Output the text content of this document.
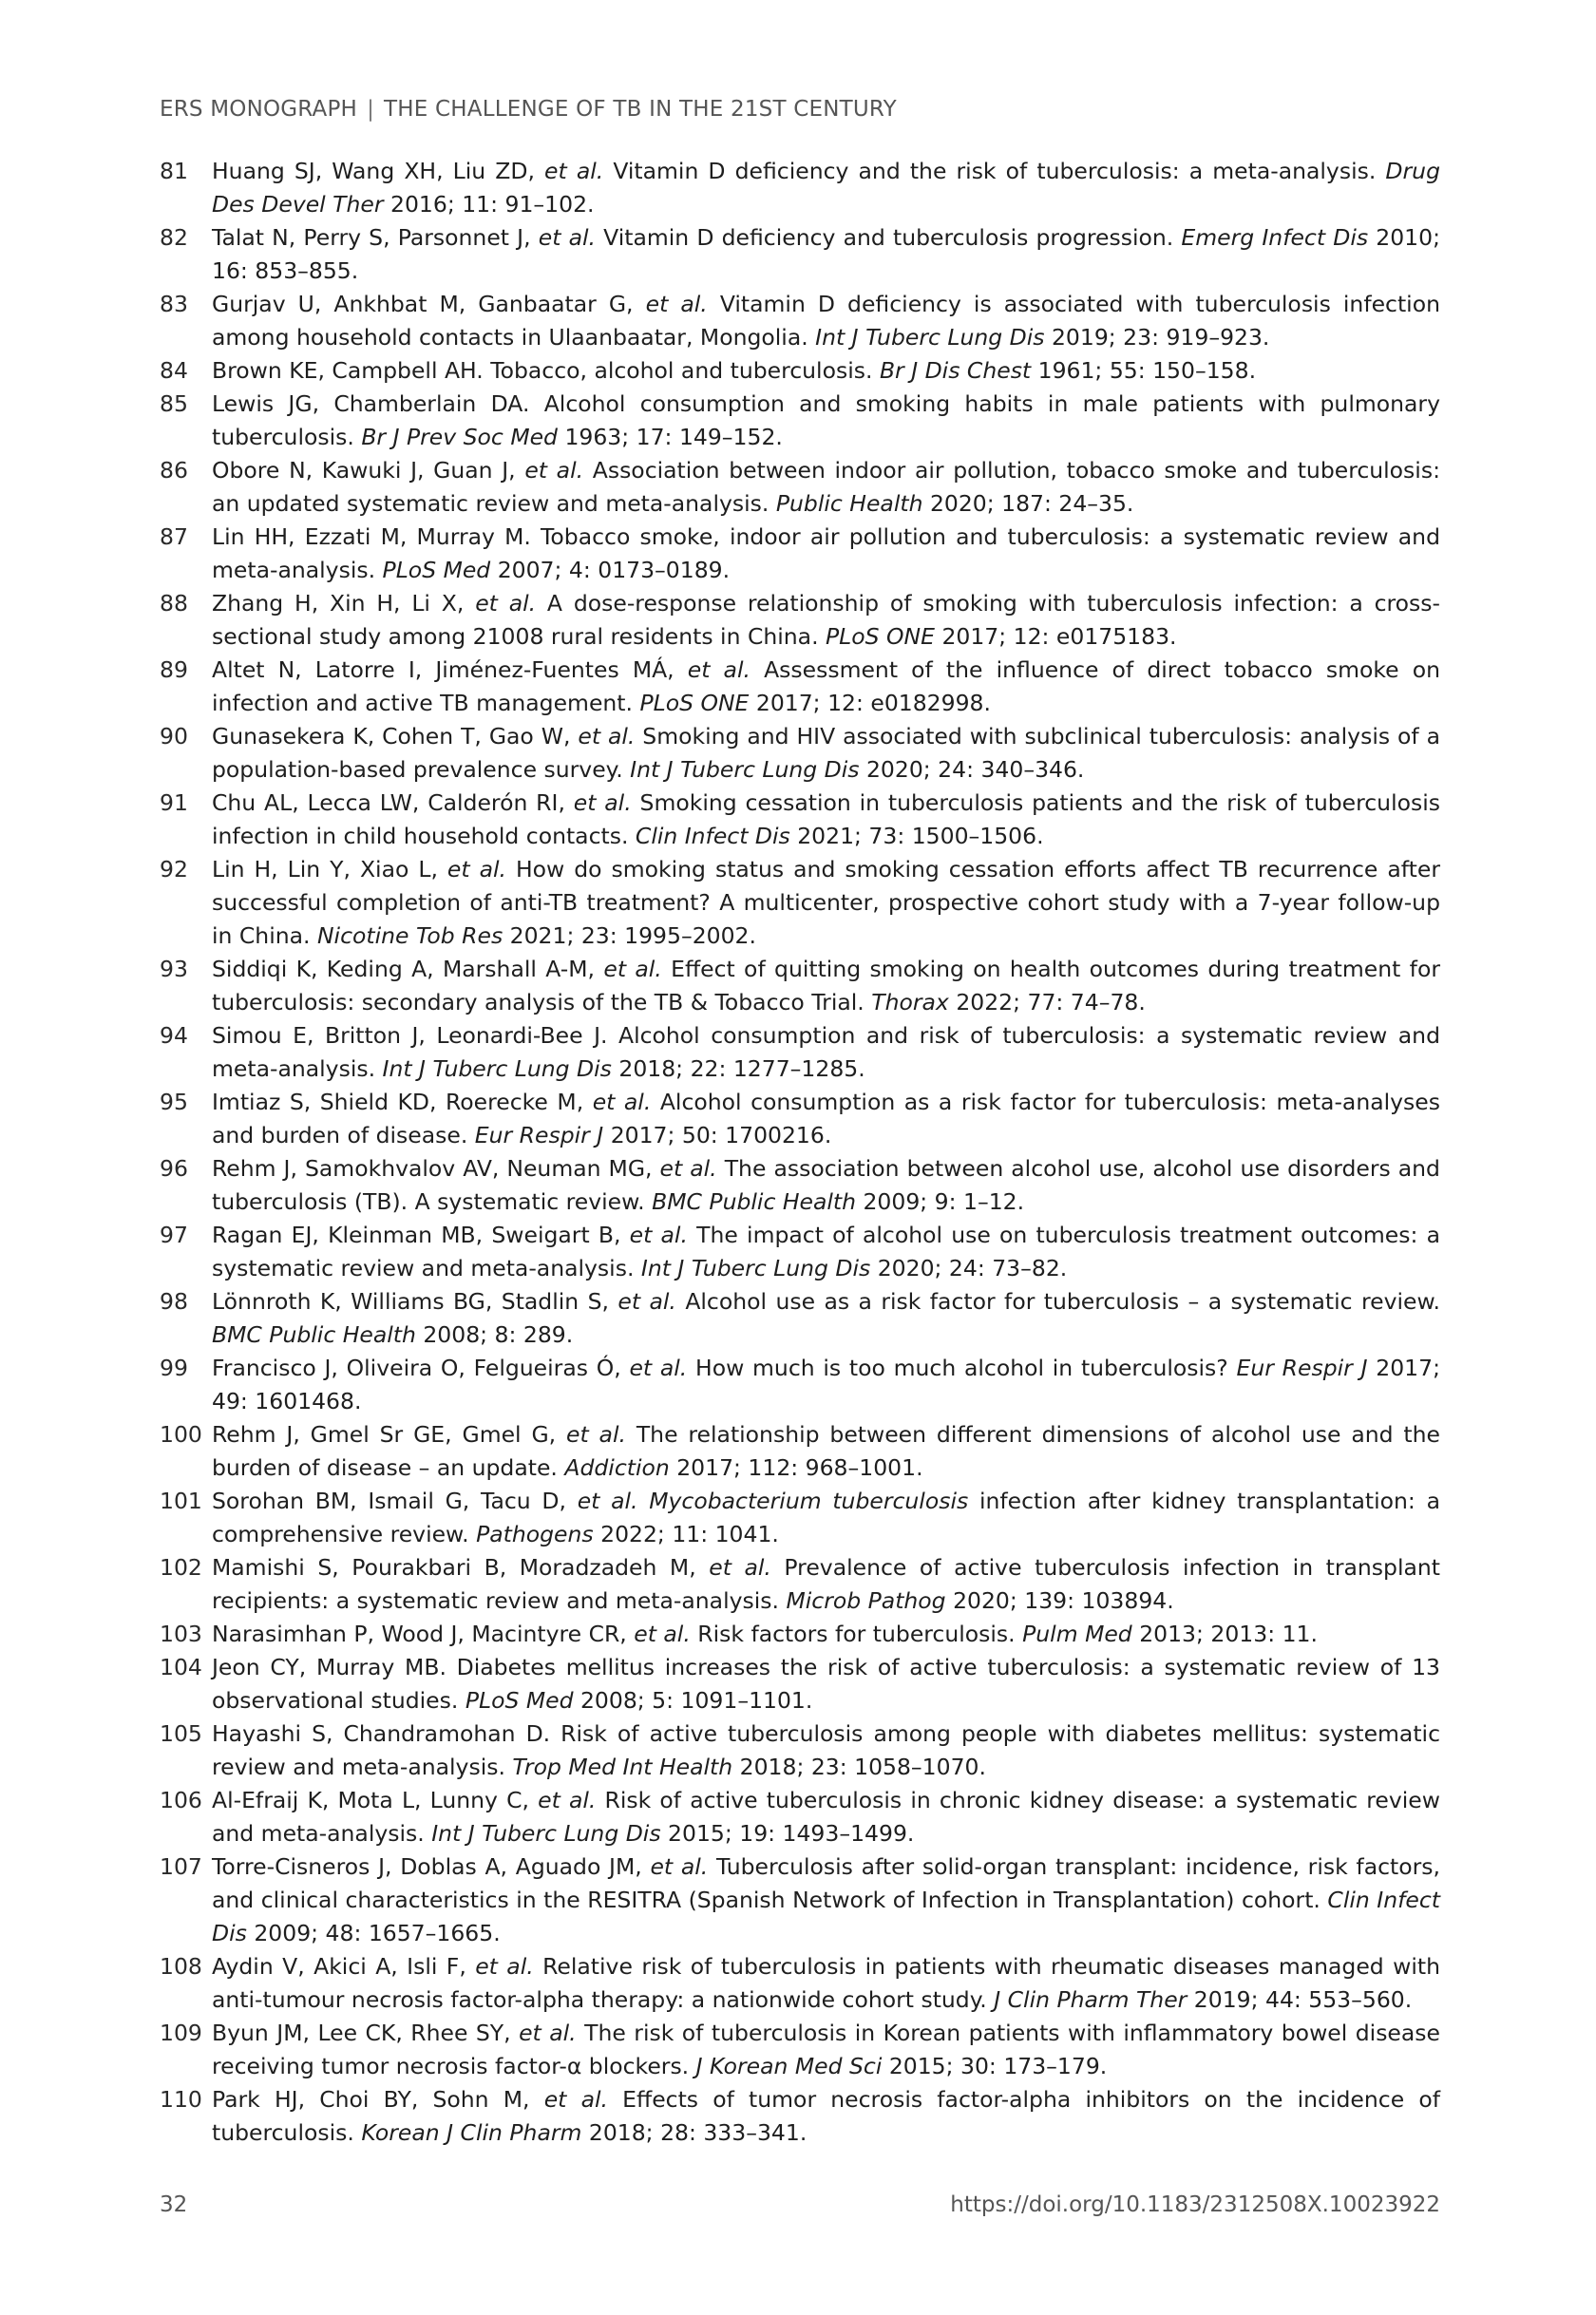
ERS MONOGRAPH | THE CHALLENGE OF TB IN THE 21ST CENTURY
81	Huang SJ, Wang XH, Liu ZD, et al. Vitamin D deficiency and the risk of tuberculosis: a meta-analysis. Drug Des Devel Ther 2016; 11: 91–102.
82	Talat N, Perry S, Parsonnet J, et al. Vitamin D deficiency and tuberculosis progression. Emerg Infect Dis 2010; 16: 853–855.
83	Gurjav U, Ankhbat M, Ganbaatar G, et al. Vitamin D deficiency is associated with tuberculosis infection among household contacts in Ulaanbaatar, Mongolia. Int J Tuberc Lung Dis 2019; 23: 919–923.
84	Brown KE, Campbell AH. Tobacco, alcohol and tuberculosis. Br J Dis Chest 1961; 55: 150–158.
85	Lewis JG, Chamberlain DA. Alcohol consumption and smoking habits in male patients with pulmonary tuberculosis. Br J Prev Soc Med 1963; 17: 149–152.
86	Obore N, Kawuki J, Guan J, et al. Association between indoor air pollution, tobacco smoke and tuberculosis: an updated systematic review and meta-analysis. Public Health 2020; 187: 24–35.
87	Lin HH, Ezzati M, Murray M. Tobacco smoke, indoor air pollution and tuberculosis: a systematic review and meta-analysis. PLoS Med 2007; 4: 0173–0189.
88	Zhang H, Xin H, Li X, et al. A dose-response relationship of smoking with tuberculosis infection: a cross-sectional study among 21008 rural residents in China. PLoS ONE 2017; 12: e0175183.
89	Altet N, Latorre I, Jiménez-Fuentes MÁ, et al. Assessment of the influence of direct tobacco smoke on infection and active TB management. PLoS ONE 2017; 12: e0182998.
90	Gunasekera K, Cohen T, Gao W, et al. Smoking and HIV associated with subclinical tuberculosis: analysis of a population-based prevalence survey. Int J Tuberc Lung Dis 2020; 24: 340–346.
91	Chu AL, Lecca LW, Calderón RI, et al. Smoking cessation in tuberculosis patients and the risk of tuberculosis infection in child household contacts. Clin Infect Dis 2021; 73: 1500–1506.
92	Lin H, Lin Y, Xiao L, et al. How do smoking status and smoking cessation efforts affect TB recurrence after successful completion of anti-TB treatment? A multicenter, prospective cohort study with a 7-year follow-up in China. Nicotine Tob Res 2021; 23: 1995–2002.
93	Siddiqi K, Keding A, Marshall A-M, et al. Effect of quitting smoking on health outcomes during treatment for tuberculosis: secondary analysis of the TB & Tobacco Trial. Thorax 2022; 77: 74–78.
94	Simou E, Britton J, Leonardi-Bee J. Alcohol consumption and risk of tuberculosis: a systematic review and meta-analysis. Int J Tuberc Lung Dis 2018; 22: 1277–1285.
95	Imtiaz S, Shield KD, Roerecke M, et al. Alcohol consumption as a risk factor for tuberculosis: meta-analyses and burden of disease. Eur Respir J 2017; 50: 1700216.
96	Rehm J, Samokhvalov AV, Neuman MG, et al. The association between alcohol use, alcohol use disorders and tuberculosis (TB). A systematic review. BMC Public Health 2009; 9: 1–12.
97	Ragan EJ, Kleinman MB, Sweigart B, et al. The impact of alcohol use on tuberculosis treatment outcomes: a systematic review and meta-analysis. Int J Tuberc Lung Dis 2020; 24: 73–82.
98	Lönnroth K, Williams BG, Stadlin S, et al. Alcohol use as a risk factor for tuberculosis – a systematic review. BMC Public Health 2008; 8: 289.
99	Francisco J, Oliveira O, Felgueiras Ó, et al. How much is too much alcohol in tuberculosis? Eur Respir J 2017; 49: 1601468.
100 Rehm J, Gmel Sr GE, Gmel G, et al. The relationship between different dimensions of alcohol use and the burden of disease – an update. Addiction 2017; 112: 968–1001.
101 Sorohan BM, Ismail G, Tacu D, et al. Mycobacterium tuberculosis infection after kidney transplantation: a comprehensive review. Pathogens 2022; 11: 1041.
102 Mamishi S, Pourakbari B, Moradzadeh M, et al. Prevalence of active tuberculosis infection in transplant recipients: a systematic review and meta-analysis. Microb Pathog 2020; 139: 103894.
103 Narasimhan P, Wood J, Macintyre CR, et al. Risk factors for tuberculosis. Pulm Med 2013; 2013: 11.
104 Jeon CY, Murray MB. Diabetes mellitus increases the risk of active tuberculosis: a systematic review of 13 observational studies. PLoS Med 2008; 5: 1091–1101.
105 Hayashi S, Chandramohan D. Risk of active tuberculosis among people with diabetes mellitus: systematic review and meta-analysis. Trop Med Int Health 2018; 23: 1058–1070.
106 Al-Efraij K, Mota L, Lunny C, et al. Risk of active tuberculosis in chronic kidney disease: a systematic review and meta-analysis. Int J Tuberc Lung Dis 2015; 19: 1493–1499.
107 Torre-Cisneros J, Doblas A, Aguado JM, et al. Tuberculosis after solid-organ transplant: incidence, risk factors, and clinical characteristics in the RESITRA (Spanish Network of Infection in Transplantation) cohort. Clin Infect Dis 2009; 48: 1657–1665.
108 Aydin V, Akici A, Isli F, et al. Relative risk of tuberculosis in patients with rheumatic diseases managed with anti-tumour necrosis factor-alpha therapy: a nationwide cohort study. J Clin Pharm Ther 2019; 44: 553–560.
109 Byun JM, Lee CK, Rhee SY, et al. The risk of tuberculosis in Korean patients with inflammatory bowel disease receiving tumor necrosis factor-α blockers. J Korean Med Sci 2015; 30: 173–179.
110 Park HJ, Choi BY, Sohn M, et al. Effects of tumor necrosis factor-alpha inhibitors on the incidence of tuberculosis. Korean J Clin Pharm 2018; 28: 333–341.
32	https://doi.org/10.1183/2312508X.10023922
